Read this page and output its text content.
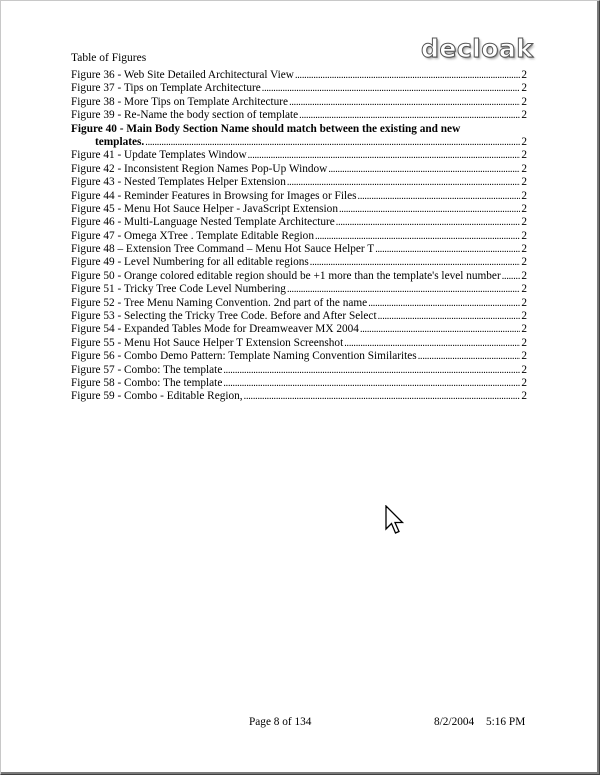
decloak
Table of Figures
Figure 36 - Web Site Detailed Architectural View .....	2
Figure 37 - Tips on Template Architecture .....	2
Figure 38 - More Tips on Template Architecture .....	2
Figure 39 - Re-Name the body section of template .....	2
Figure 40 - Main Body Section Name should match between the existing and new
templates. .....	2
Figure 41 - Update Templates Window .....	2
Figure 42 - Inconsistent Region Names Pop-Up Window .....	2
Figure 43 - Nested Templates Helper Extension .....	2
Figure 44 - Reminder Features in Browsing for Images or Files .....	2
Figure 45 - Menu Hot Sauce Helper - JavaScript Extension .....	2
Figure 46 - Multi-Language Nested Template Architecture .....	2
Figure 47 - Omega XTree . Template Editable Region .....	2
Figure 48 – Extension Tree Command – Menu Hot Sauce Helper T .....	2
Figure 49 - Level Numbering for all editable regions .....	2
Figure 50 - Orange colored editable region should be +1 more than the template's level number ..... 2
Figure 51 - Tricky Tree Code Level Numbering .....	2
Figure 52 - Tree Menu Naming Convention. 2nd part of the name .....	2
Figure 53 - Selecting the Tricky Tree Code. Before and After Select .....	2
Figure 54 - Expanded Tables Mode for Dreamweaver MX 2004 .....	2
Figure 55 - Menu Hot Sauce Helper T Extension Screenshot .....	2
Figure 56 - Combo Demo Pattern: Template Naming Convention Similarites .....	2
Figure 57 - Combo: The template .....	2
Figure 58 - Combo: The template .....	2
Figure 59 - Combo - Editable Region, .....	2
Page 8 of 134	8/2/2004 5:16 PM
